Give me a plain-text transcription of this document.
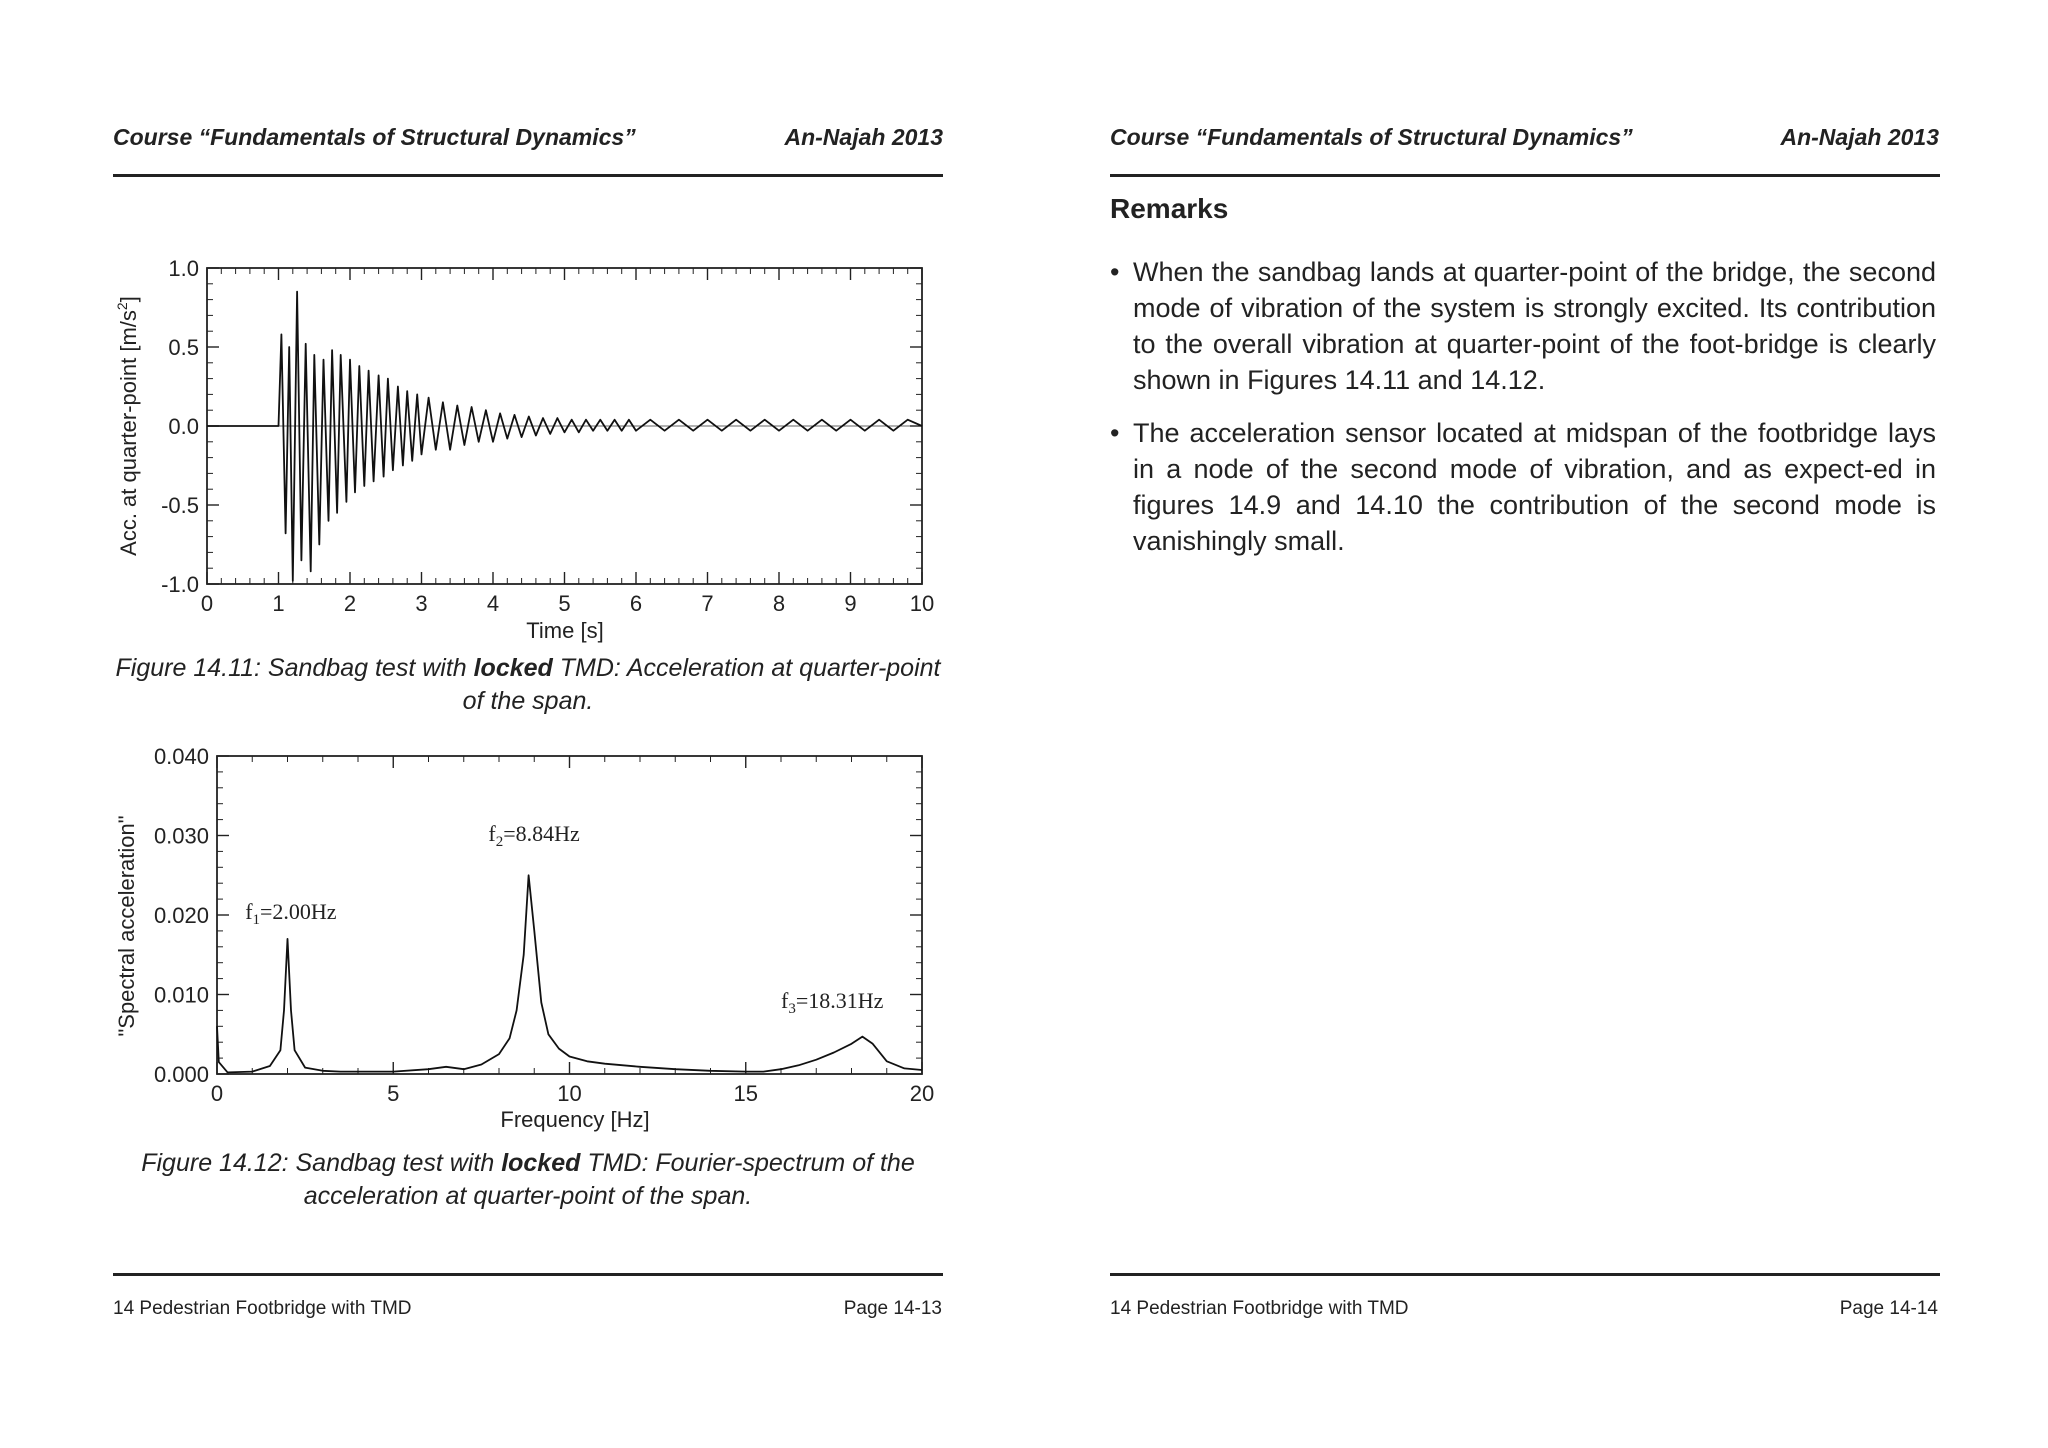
Course “Fundamentals of Structural Dynamics”	An-Najah 2013
Acc. at quarter-point $[m/s^2]$
Time [s]
0	1	2	3	4	5	6	7	8	9 10
1.0
0.5
0.0
-0.5
-1.0
Figure 14.11: Sandbag test with locked TMD: Acceleration at quarter-point of the span.
"Spectral acceleration"
Frequency [Hz]
0	5	10	15	20
0.040
0.030
0.020
0.010
0.000
$f_1=2.00Hz$
$f_2=8.84Hz$
$f_3=18.31Hz$
Figure 14.12: Sandbag test with locked TMD: Fourier-spectrum of the acceleration at quarter-point of the span.
14 Pedestrian Footbridge with TMD	Page 14-13
Course “Fundamentals of Structural Dynamics”	An-Najah 2013
Remarks
• When the sandbag lands at quarter-point of the bridge, the second mode of vibration of the system is strongly excited. Its contribution to the overall vibration at quarter-point of the foot-bridge is clearly shown in Figures 14.11 and 14.12.
• The acceleration sensor located at midspan of the footbridge lays in a node of the second mode of vibration, and as expect-ed in figures 14.9 and 14.10 the contribution of the second mode is vanishingly small.
14 Pedestrian Footbridge with TMD	Page 14-14
